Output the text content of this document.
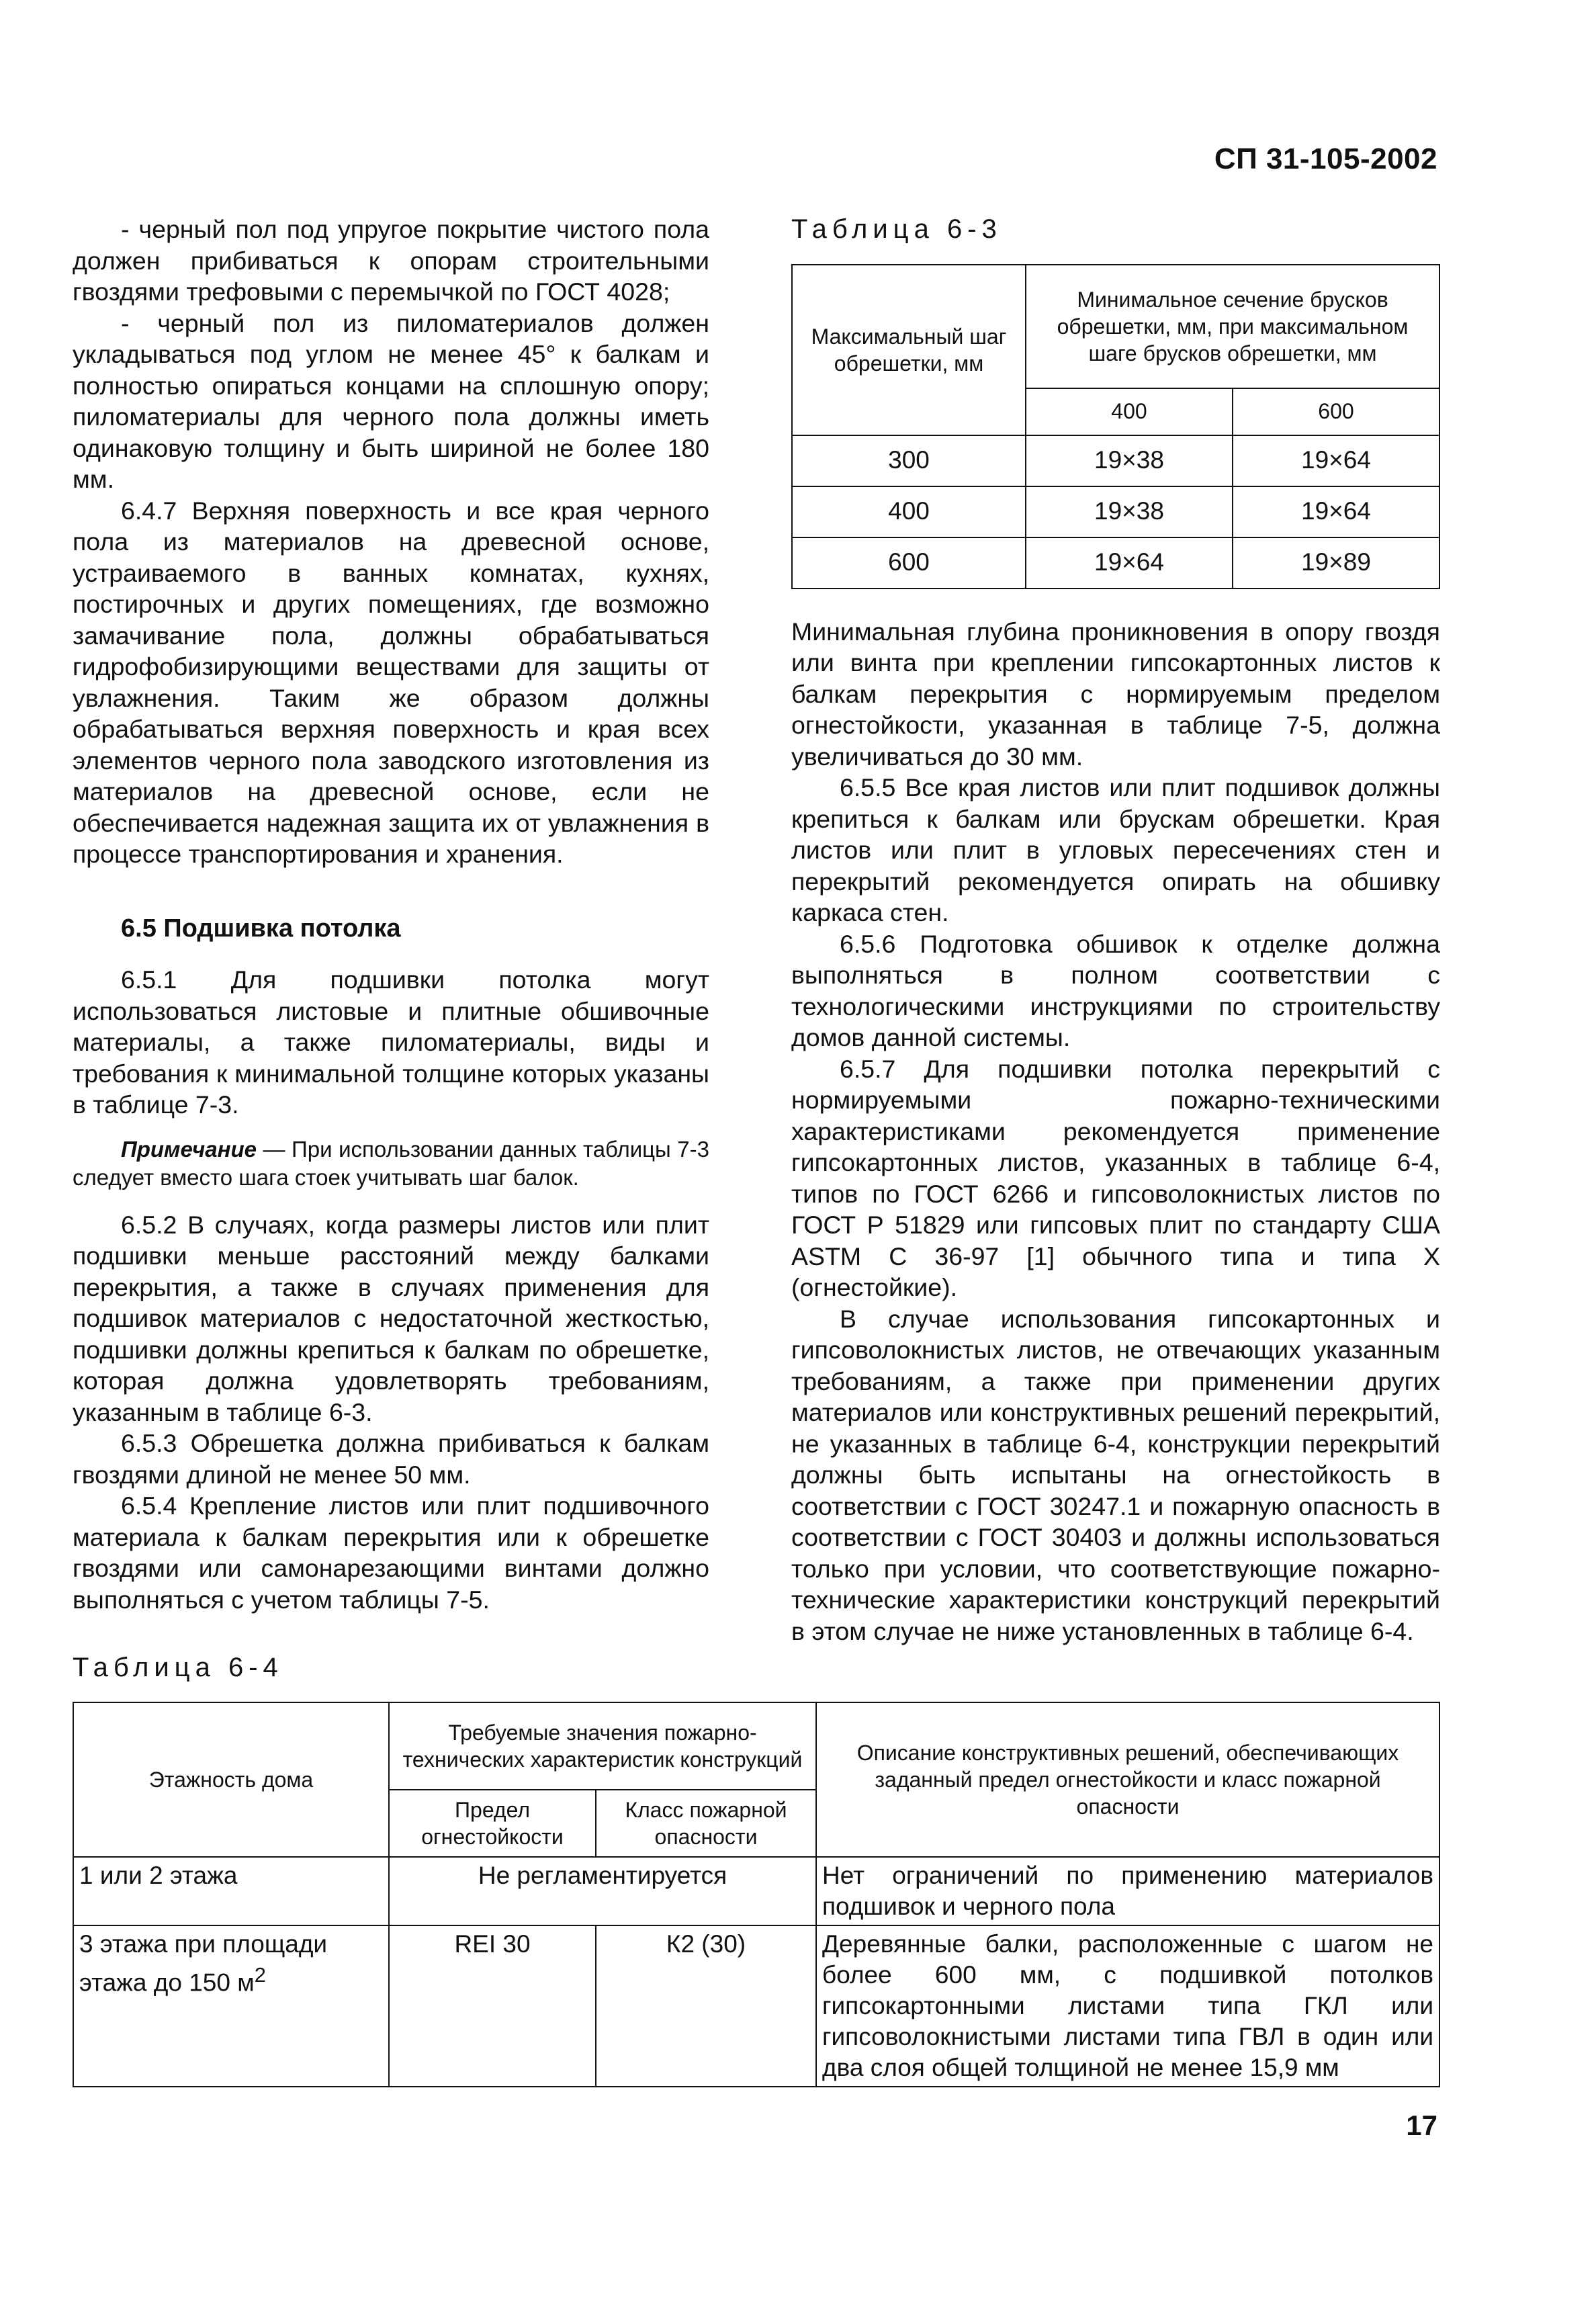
СП 31-105-2002

- черный пол под упругое покрытие чистого пола должен прибиваться к опорам строительными гвоздями трефовыми с перемычкой по ГОСТ 4028;

- черный пол из пиломатериалов должен укладываться под углом не менее 45° к балкам и полностью опираться концами на сплошную опору; пиломатериалы для черного пола должны иметь одинаковую толщину и быть шириной не более 180 мм.

6.4.7 Верхняя поверхность и все края черного пола из материалов на древесной основе, устраиваемого в ванных комнатах, кухнях, постирочных и других помещениях, где возможно замачивание пола, должны обрабатываться гидрофобизирующими веществами для защиты от увлажнения. Таким же образом должны обрабатываться верхняя поверхность и края всех элементов черного пола заводского изготовления из материалов на древесной основе, если не обеспечивается надежная защита их от увлажнения в процессе транспортирования и хранения.

6.5 Подшивка потолка

6.5.1 Для подшивки потолка могут использоваться листовые и плитные обшивочные материалы, а также пиломатериалы, виды и требования к минимальной толщине которых указаны в таблице 7-3.

Примечание — При использовании данных таблицы 7-3 следует вместо шага стоек учитывать шаг балок.

6.5.2 В случаях, когда размеры листов или плит подшивки меньше расстояний между балками перекрытия, а также в случаях применения для подшивок материалов с недостаточной жесткостью, подшивки должны крепиться к балкам по обрешетке, которая должна удовлетворять требованиям, указанным в таблице 6-3.

6.5.3 Обрешетка должна прибиваться к балкам гвоздями длиной не менее 50 мм.

6.5.4 Крепление листов или плит подшивочного материала к балкам перекрытия или к обрешетке гвоздями или самонарезающими винтами должно выполняться с учетом таблицы 7-5.

Таблица 6-3
Максимальный шаг обрешетки, мм	Минимальное сечение брусков обрешетки, мм, при максимальном шаге брусков обрешетки, мм	
	400	600
300	19×38	19×64
400	19×38	19×64
600	19×64	19×89

Минимальная глубина проникновения в опору гвоздя или винта при креплении гипсокартонных листов к балкам перекрытия с нормируемым пределом огнестойкости, указанная в таблице 7-5, должна увеличиваться до 30 мм.

6.5.5 Все края листов или плит подшивок должны крепиться к балкам или брускам обрешетки. Края листов или плит в угловых пересечениях стен и перекрытий рекомендуется опирать на обшивку каркаса стен.

6.5.6 Подготовка обшивок к отделке должна выполняться в полном соответствии с технологическими инструкциями по строительству домов данной системы.

6.5.7 Для подшивки потолка перекрытий с нормируемыми пожарно-техническими характеристиками рекомендуется применение гипсокартонных листов, указанных в таблице 6-4, типов по ГОСТ 6266 и гипсоволокнистых листов по ГОСТ Р 51829 или гипсовых плит по стандарту США ASTM C 36-97 [1] обычного типа и типа X (огнестойкие).

В случае использования гипсокартонных и гипсоволокнистых листов, не отвечающих указанным требованиям, а также при применении других материалов или конструктивных решений перекрытий, не указанных в таблице 6-4, конструкции перекрытий должны быть испытаны на огнестойкость в соответствии с ГОСТ 30247.1 и пожарную опасность в соответствии с ГОСТ 30403 и должны использоваться только при условии, что соответствующие пожарно-технические характеристики конструкций перекрытий в этом случае не ниже установленных в таблице 6-4.

Таблица 6-4
Этажность дома	Требуемые значения пожарно-технических характеристик конструкций		Описание конструктивных решений, обеспечивающих заданный предел огнестойкости и класс пожарной опасности
	Предел огнестойкости	Класс пожарной опасности	
1 или 2 этажа	Не регламентируется		Нет ограничений по применению материалов подшивок и черного пола
3 этажа при площади этажа до 150 $м^2$	REI 30	К2 (30)	Деревянные балки, расположенные с шагом не более 600 мм, с подшивкой потолков гипсокартонными листами типа ГКЛ или гипсоволокнистыми листами типа ГВЛ в один или два слоя общей толщиной не менее 15,9 мм
17
